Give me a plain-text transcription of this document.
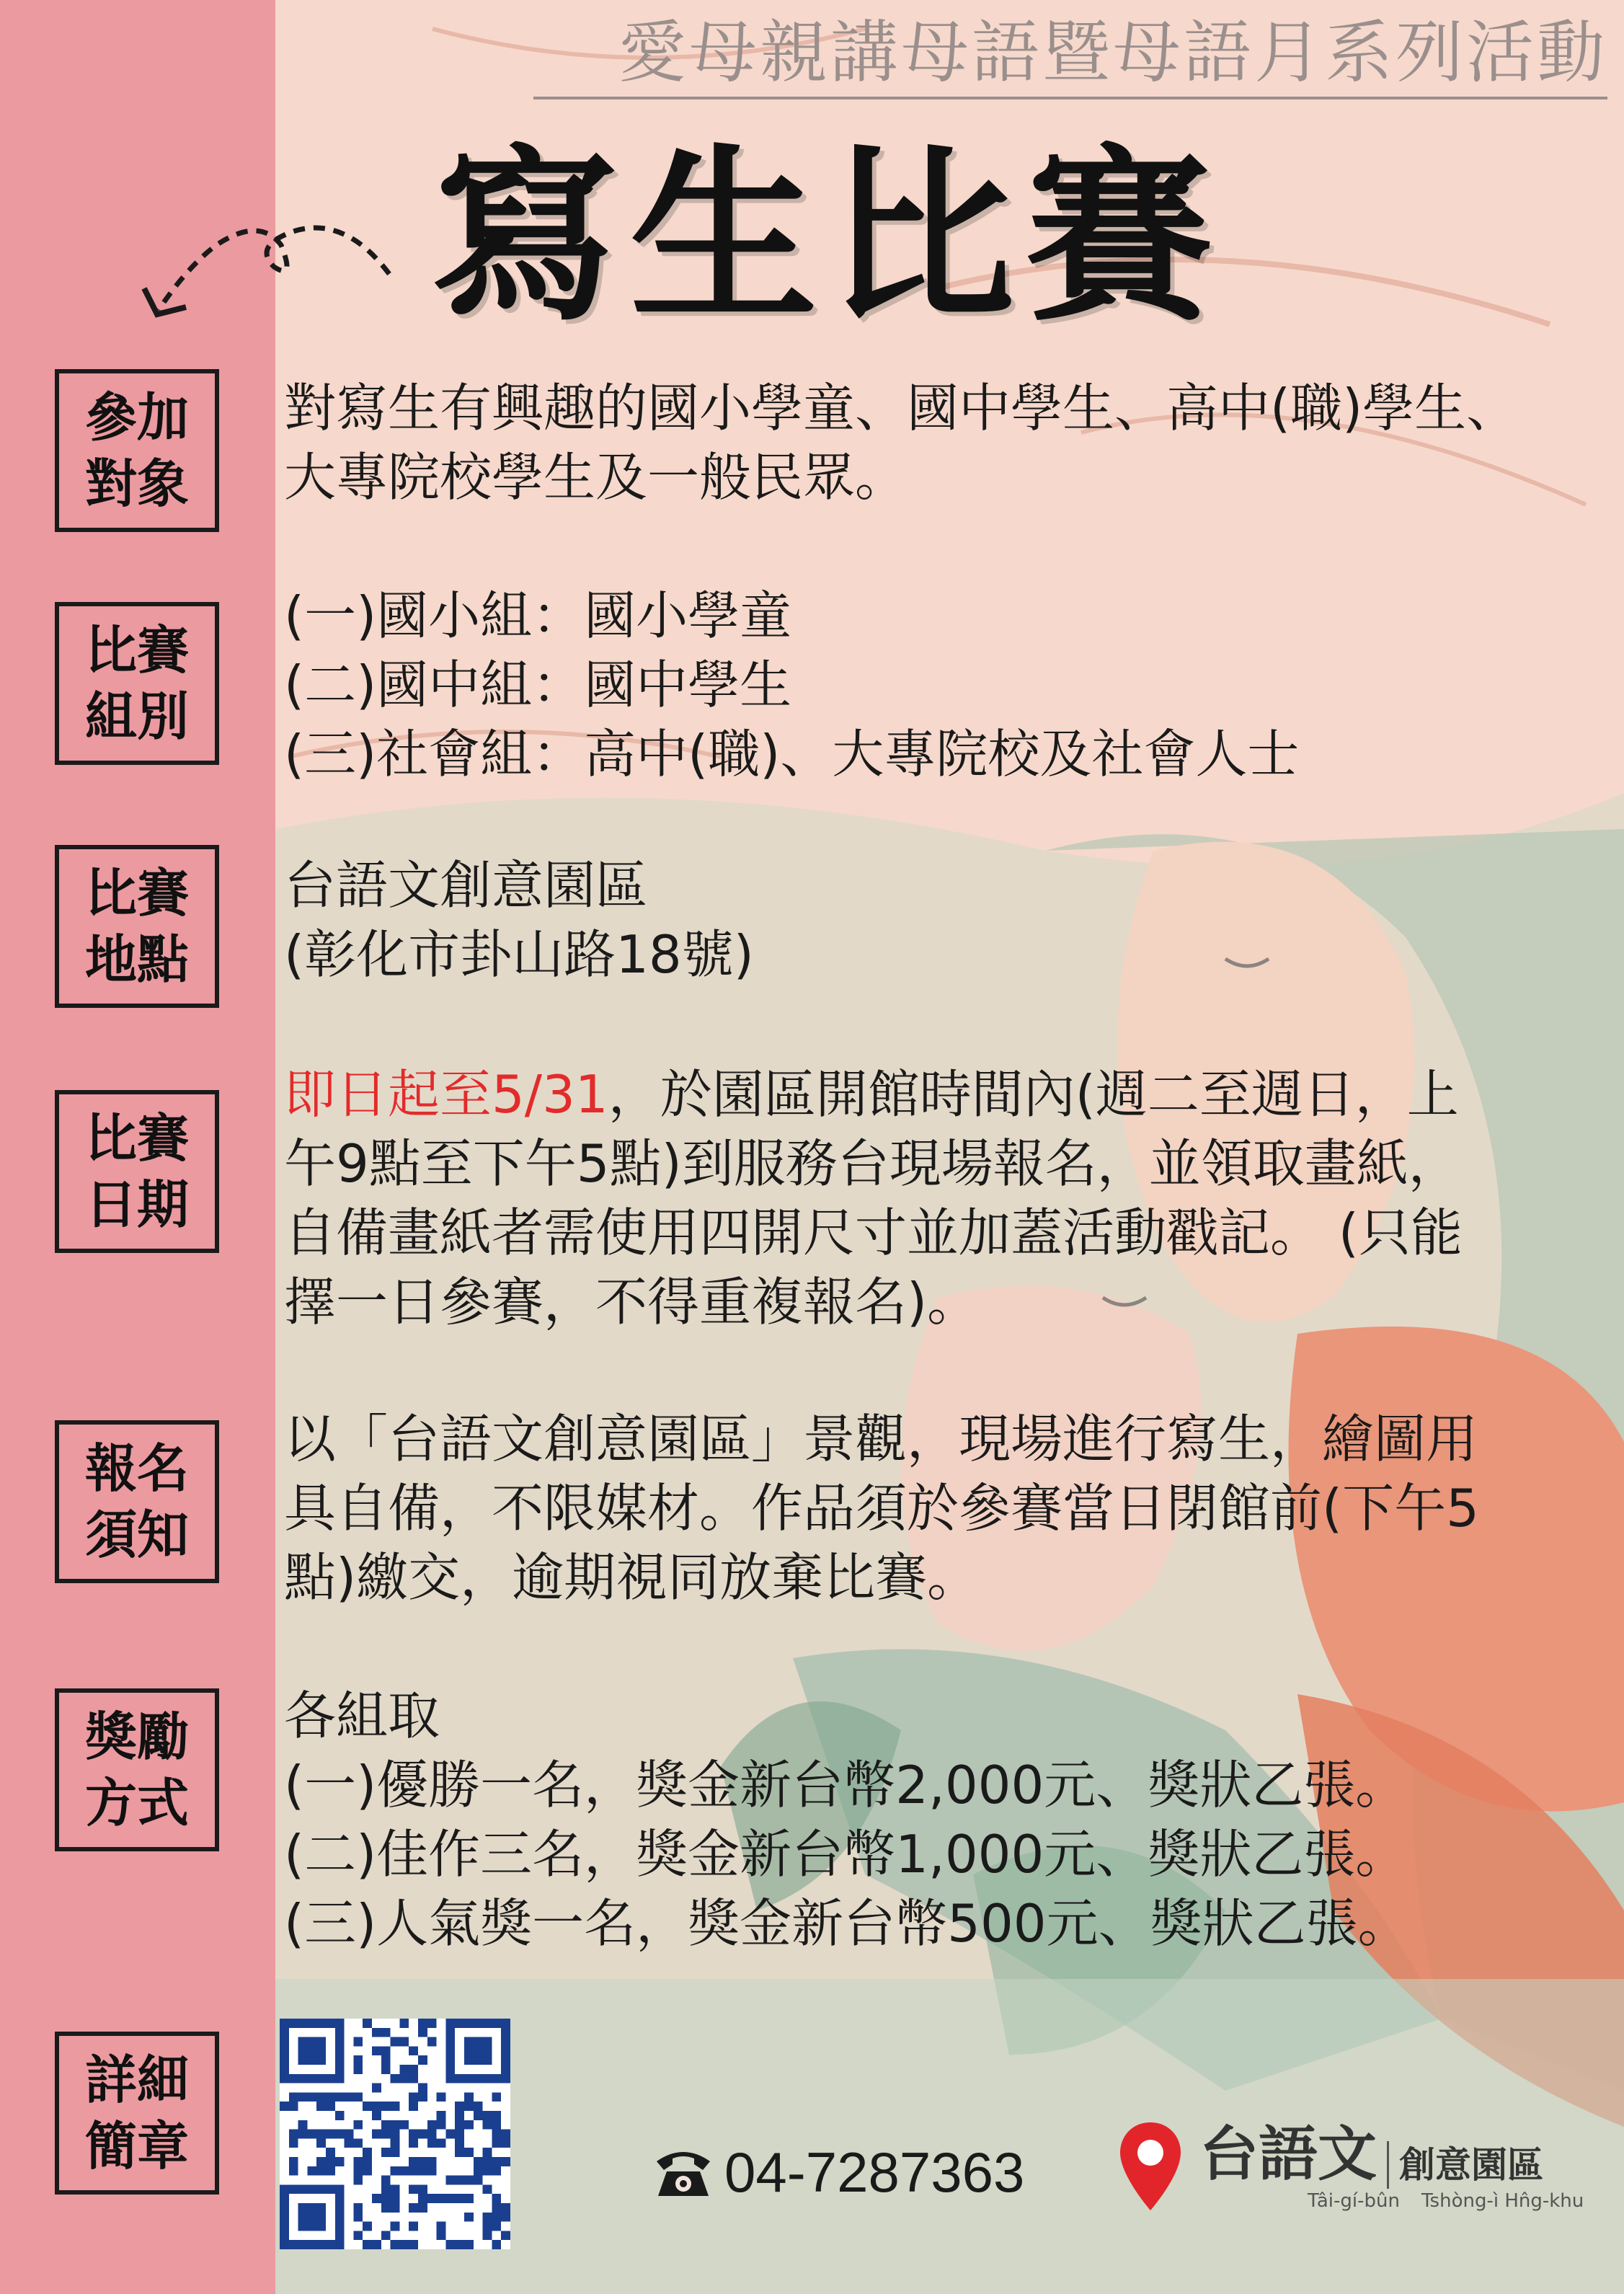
愛母親講母語暨母語月系列活動
寫生比賽
參加
對象
比賽
組別
比賽
地點
比賽
日期
報名
須知
獎勵
方式
詳細
簡章

對寫生有興趣的國小學童、國中學生、高中(職)學生、

大專院校學生及一般民眾。

(一)國小組：國小學童

(二)國中組：國中學生

(三)社會組：高中(職)、大專院校及社會人士

台語文創意園區

(彰化市卦山路18號)

即日起至5/31，於園區開館時間內(週二至週日，上

午9點至下午5點)到服務台現場報名，並領取畫紙，

自備畫紙者需使用四開尺寸並加蓋活動戳記。 (只能

擇一日參賽，不得重複報名)。

以「台語文創意園區」景觀，現場進行寫生，繪圖用

具自備，不限媒材。作品須於參賽當日閉館前(下午5

點)繳交，逾期視同放棄比賽。

各組取

(一)優勝一名，獎金新台幣2,000元、獎狀乙張。

(二)佳作三名，獎金新台幣1,000元、獎狀乙張。

(三)人氣獎一名，獎金新台幣500元、獎狀乙張。

04-7287363	台語文 創意園區
Tâi-gí-bûn Tshòng-ì Hn̂g-khu
